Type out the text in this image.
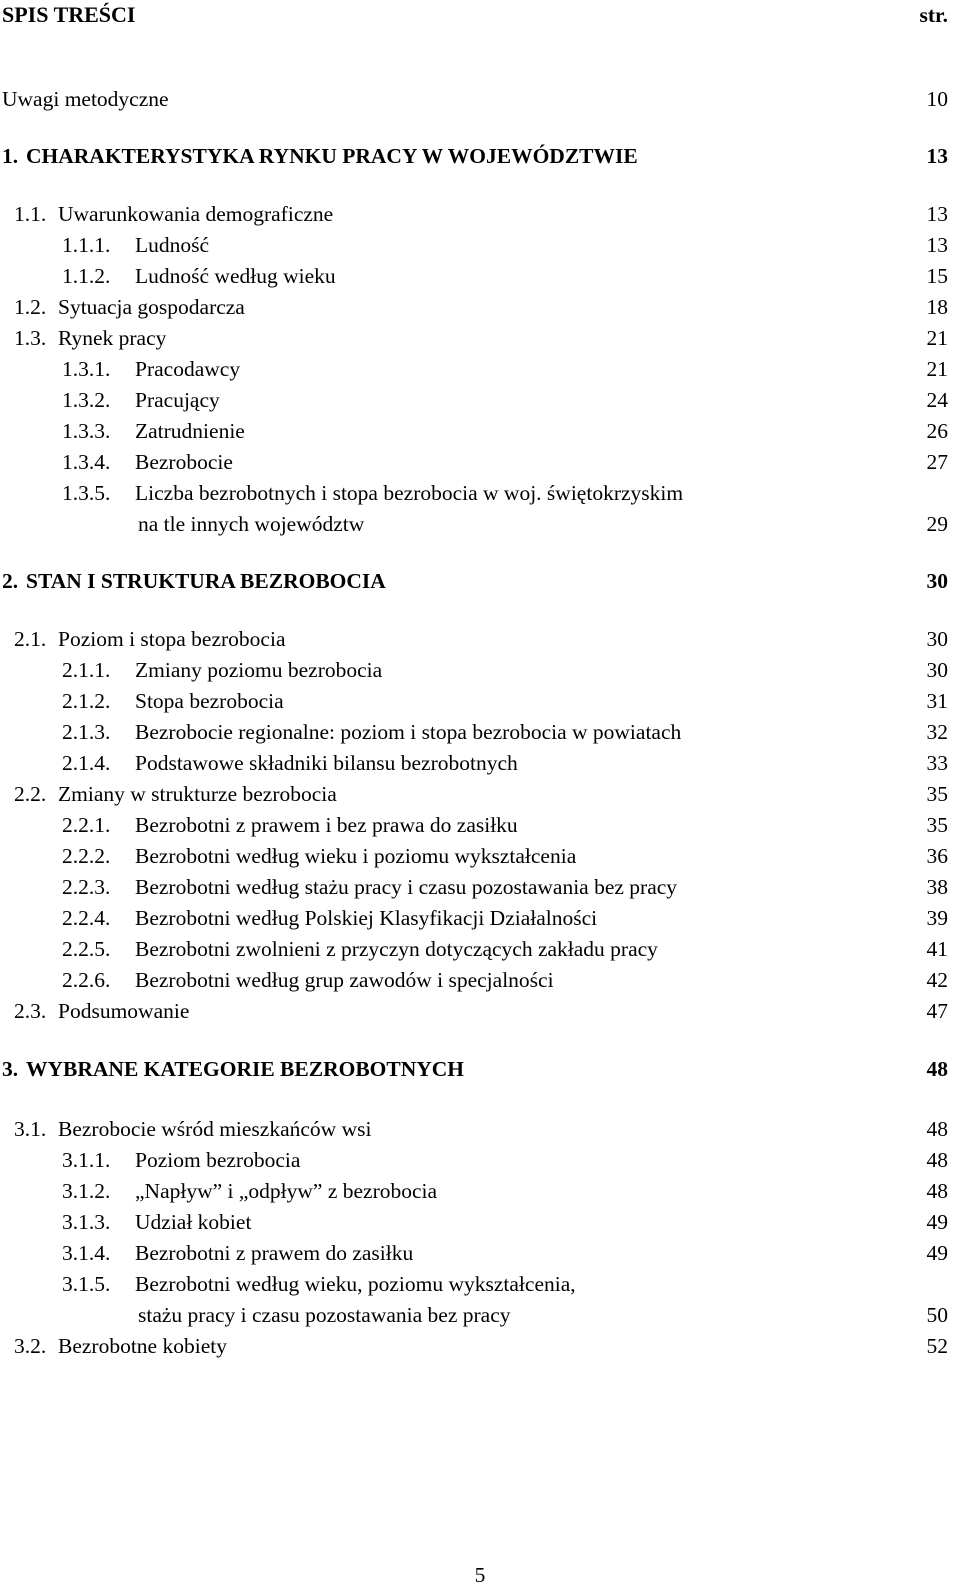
SPIS TREŚCI	str.
Uwagi metodyczne	10
1. CHARAKTERYSTYKA RYNKU PRACY W WOJEWÓDZTWIE	13
1.1. Uwarunkowania demograficzne	13
1.1.1. Ludność	13
1.1.2. Ludność według wieku	15
1.2. Sytuacja gospodarcza	18
1.3. Rynek pracy	21
1.3.1. Pracodawcy	21
1.3.2. Pracujący	24
1.3.3. Zatrudnienie	26
1.3.4. Bezrobocie	27
1.3.5. Liczba bezrobotnych i stopa bezrobocia w woj. świętokrzyskim
na tle innych województw	29
2. STAN I STRUKTURA BEZROBOCIA	30
2.1. Poziom i stopa bezrobocia	30
2.1.1. Zmiany poziomu bezrobocia	30
2.1.2. Stopa bezrobocia	31
2.1.3. Bezrobocie regionalne: poziom i stopa bezrobocia w powiatach	32
2.1.4. Podstawowe składniki bilansu bezrobotnych	33
2.2. Zmiany w strukturze bezrobocia	35
2.2.1. Bezrobotni z prawem i bez prawa do zasiłku	35
2.2.2. Bezrobotni według wieku i poziomu wykształcenia	36
2.2.3. Bezrobotni według stażu pracy i czasu pozostawania bez pracy	38
2.2.4. Bezrobotni według Polskiej Klasyfikacji Działalności	39
2.2.5. Bezrobotni zwolnieni z przyczyn dotyczących zakładu pracy	41
2.2.6. Bezrobotni według grup zawodów i specjalności	42
2.3. Podsumowanie	47
3. WYBRANE KATEGORIE BEZROBOTNYCH	48
3.1. Bezrobocie wśród mieszkańców wsi	48
3.1.1. Poziom bezrobocia	48
3.1.2. „Napływ” i „odpływ” z bezrobocia	48
3.1.3. Udział kobiet	49
3.1.4. Bezrobotni z prawem do zasiłku	49
3.1.5. Bezrobotni według wieku, poziomu wykształcenia,
stażu pracy i czasu pozostawania bez pracy	50
3.2. Bezrobotne kobiety	52
5
